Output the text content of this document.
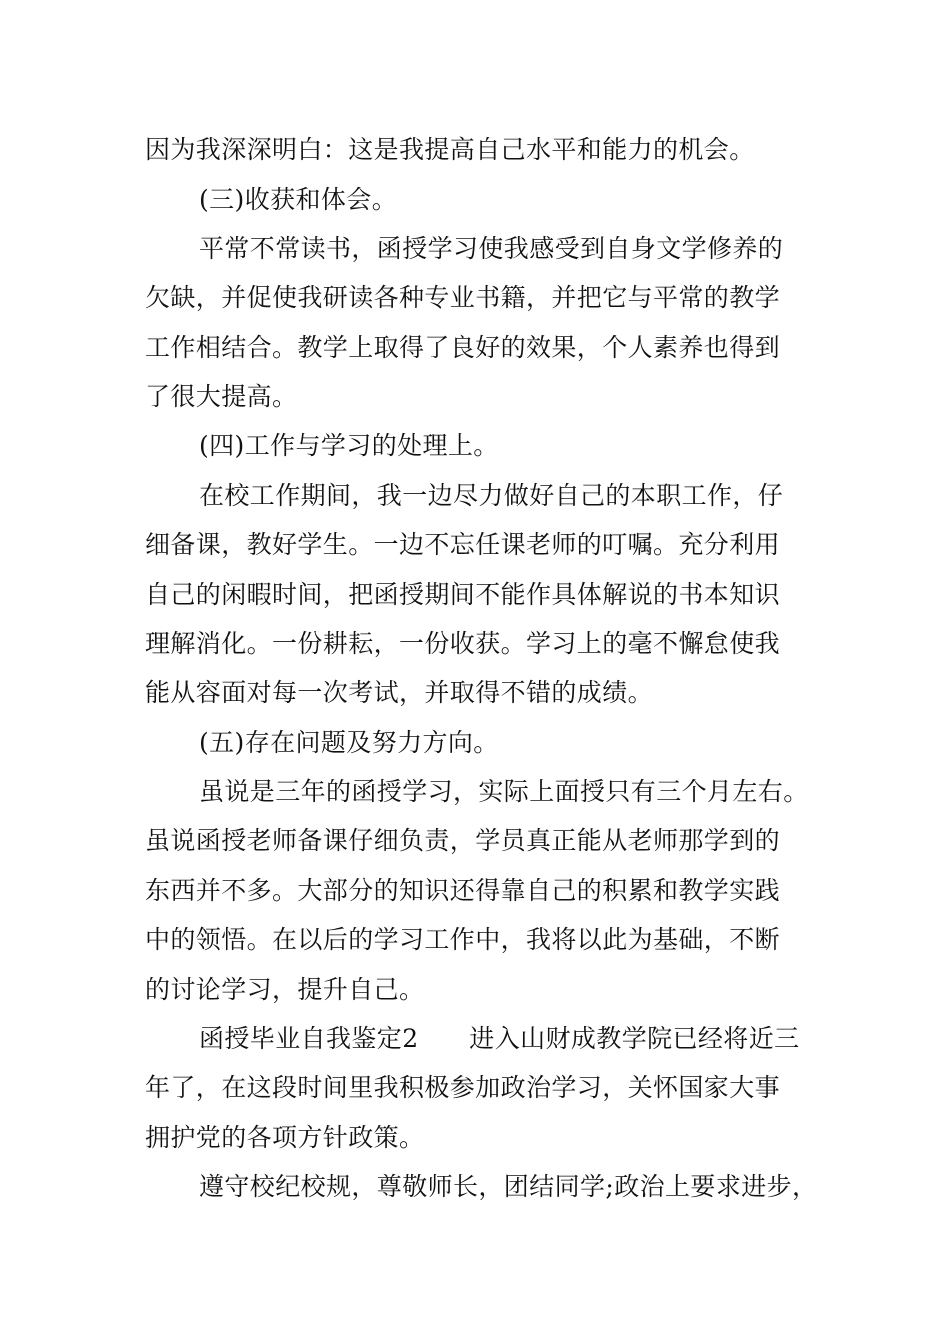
因为我深深明白：这是我提高自己水平和能力的机会。
(三)收获和体会。
平常不常读书，函授学习使我感受到自身文学修养的
欠缺，并促使我研读各种专业书籍，并把它与平常的教学
工作相结合。教学上取得了良好的效果，个人素养也得到
了很大提高。
(四)工作与学习的处理上。
在校工作期间，我一边尽力做好自己的本职工作，仔
细备课，教好学生。一边不忘任课老师的叮嘱。充分利用
自己的闲暇时间，把函授期间不能作具体解说的书本知识
理解消化。一份耕耘，一份收获。学习上的毫不懈怠使我
能从容面对每一次考试，并取得不错的成绩。
(五)存在问题及努力方向。
虽说是三年的函授学习，实际上面授只有三个月左右。
虽说函授老师备课仔细负责，学员真正能从老师那学到的
东西并不多。大部分的知识还得靠自己的积累和教学实践
中的领悟。在以后的学习工作中，我将以此为基础，不断
的讨论学习，提升自己。
函授毕业自我鉴定2　　进入山财成教学院已经将近三
年了，在这段时间里我积极参加政治学习，关怀国家大事
拥护党的各项方针政策。
遵守校纪校规，尊敬师长，团结同学;政治上要求进步，
